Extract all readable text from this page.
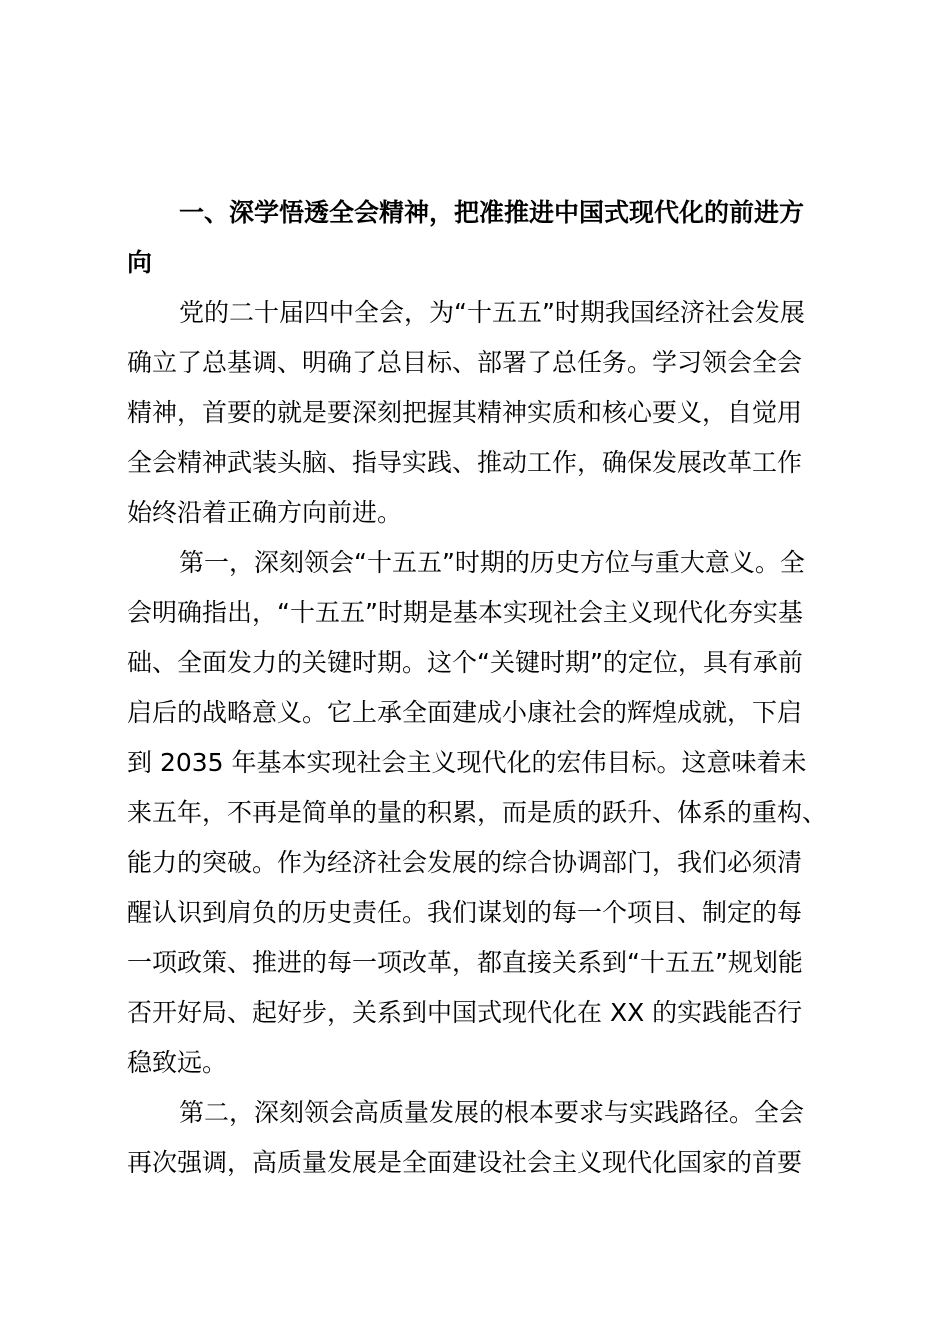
一、深学悟透全会精神，把准推进中国式现代化的前进方
向
党的二十届四中全会，为“十五五”时期我国经济社会发展
确立了总基调、明确了总目标、部署了总任务。学习领会全会
精神，首要的就是要深刻把握其精神实质和核心要义，自觉用
全会精神武装头脑、指导实践、推动工作，确保发展改革工作
始终沿着正确方向前进。
第一，深刻领会“十五五”时期的历史方位与重大意义。全
会明确指出，“十五五”时期是基本实现社会主义现代化夯实基
础、全面发力的关键时期。这个“关键时期”的定位，具有承前
启后的战略意义。它上承全面建成小康社会的辉煌成就，下启
到 2035 年基本实现社会主义现代化的宏伟目标。这意味着未
来五年，不再是简单的量的积累，而是质的跃升、体系的重构、
能力的突破。作为经济社会发展的综合协调部门，我们必须清
醒认识到肩负的历史责任。我们谋划的每一个项目、制定的每
一项政策、推进的每一项改革，都直接关系到“十五五”规划能
否开好局、起好步，关系到中国式现代化在 XX 的实践能否行
稳致远。
第二，深刻领会高质量发展的根本要求与实践路径。全会
再次强调，高质量发展是全面建设社会主义现代化国家的首要
